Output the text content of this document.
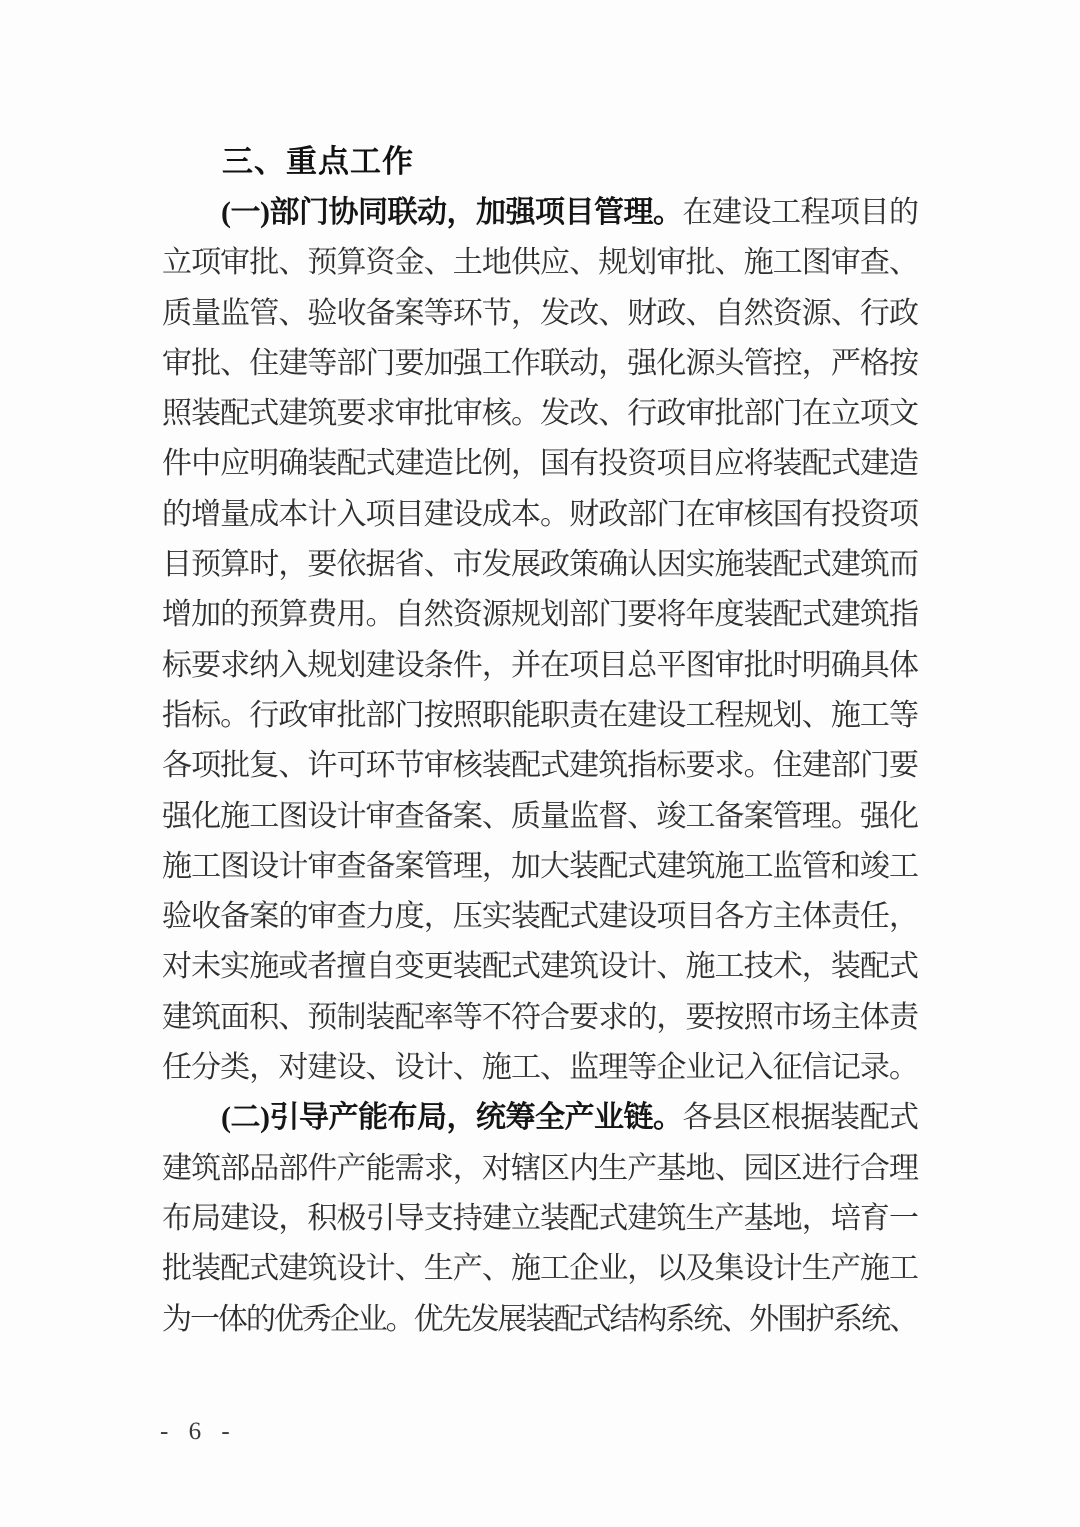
　　三、重点工作
　　(一)部门协同联动，加强项目管理。在建设工程项目的
立项审批、预算资金、土地供应、规划审批、施工图审查、
质量监管、验收备案等环节，发改、财政、自然资源、行政
审批、住建等部门要加强工作联动，强化源头管控，严格按
照装配式建筑要求审批审核。发改、行政审批部门在立项文
件中应明确装配式建造比例，国有投资项目应将装配式建造
的增量成本计入项目建设成本。财政部门在审核国有投资项
目预算时，要依据省、市发展政策确认因实施装配式建筑而
增加的预算费用。自然资源规划部门要将年度装配式建筑指
标要求纳入规划建设条件，并在项目总平图审批时明确具体
指标。行政审批部门按照职能职责在建设工程规划、施工等
各项批复、许可环节审核装配式建筑指标要求。住建部门要
强化施工图设计审查备案、质量监督、竣工备案管理。强化
施工图设计审查备案管理，加大装配式建筑施工监管和竣工
验收备案的审查力度，压实装配式建设项目各方主体责任，
对未实施或者擅自变更装配式建筑设计、施工技术，装配式
建筑面积、预制装配率等不符合要求的，要按照市场主体责
任分类，对建设、设计、施工、监理等企业记入征信记录。
　　(二)引导产能布局，统筹全产业链。各县区根据装配式
建筑部品部件产能需求，对辖区内生产基地、园区进行合理
布局建设，积极引导支持建立装配式建筑生产基地，培育一
批装配式建筑设计、生产、施工企业，以及集设计生产施工
为一体的优秀企业。优先发展装配式结构系统、外围护系统、
- 6 -
